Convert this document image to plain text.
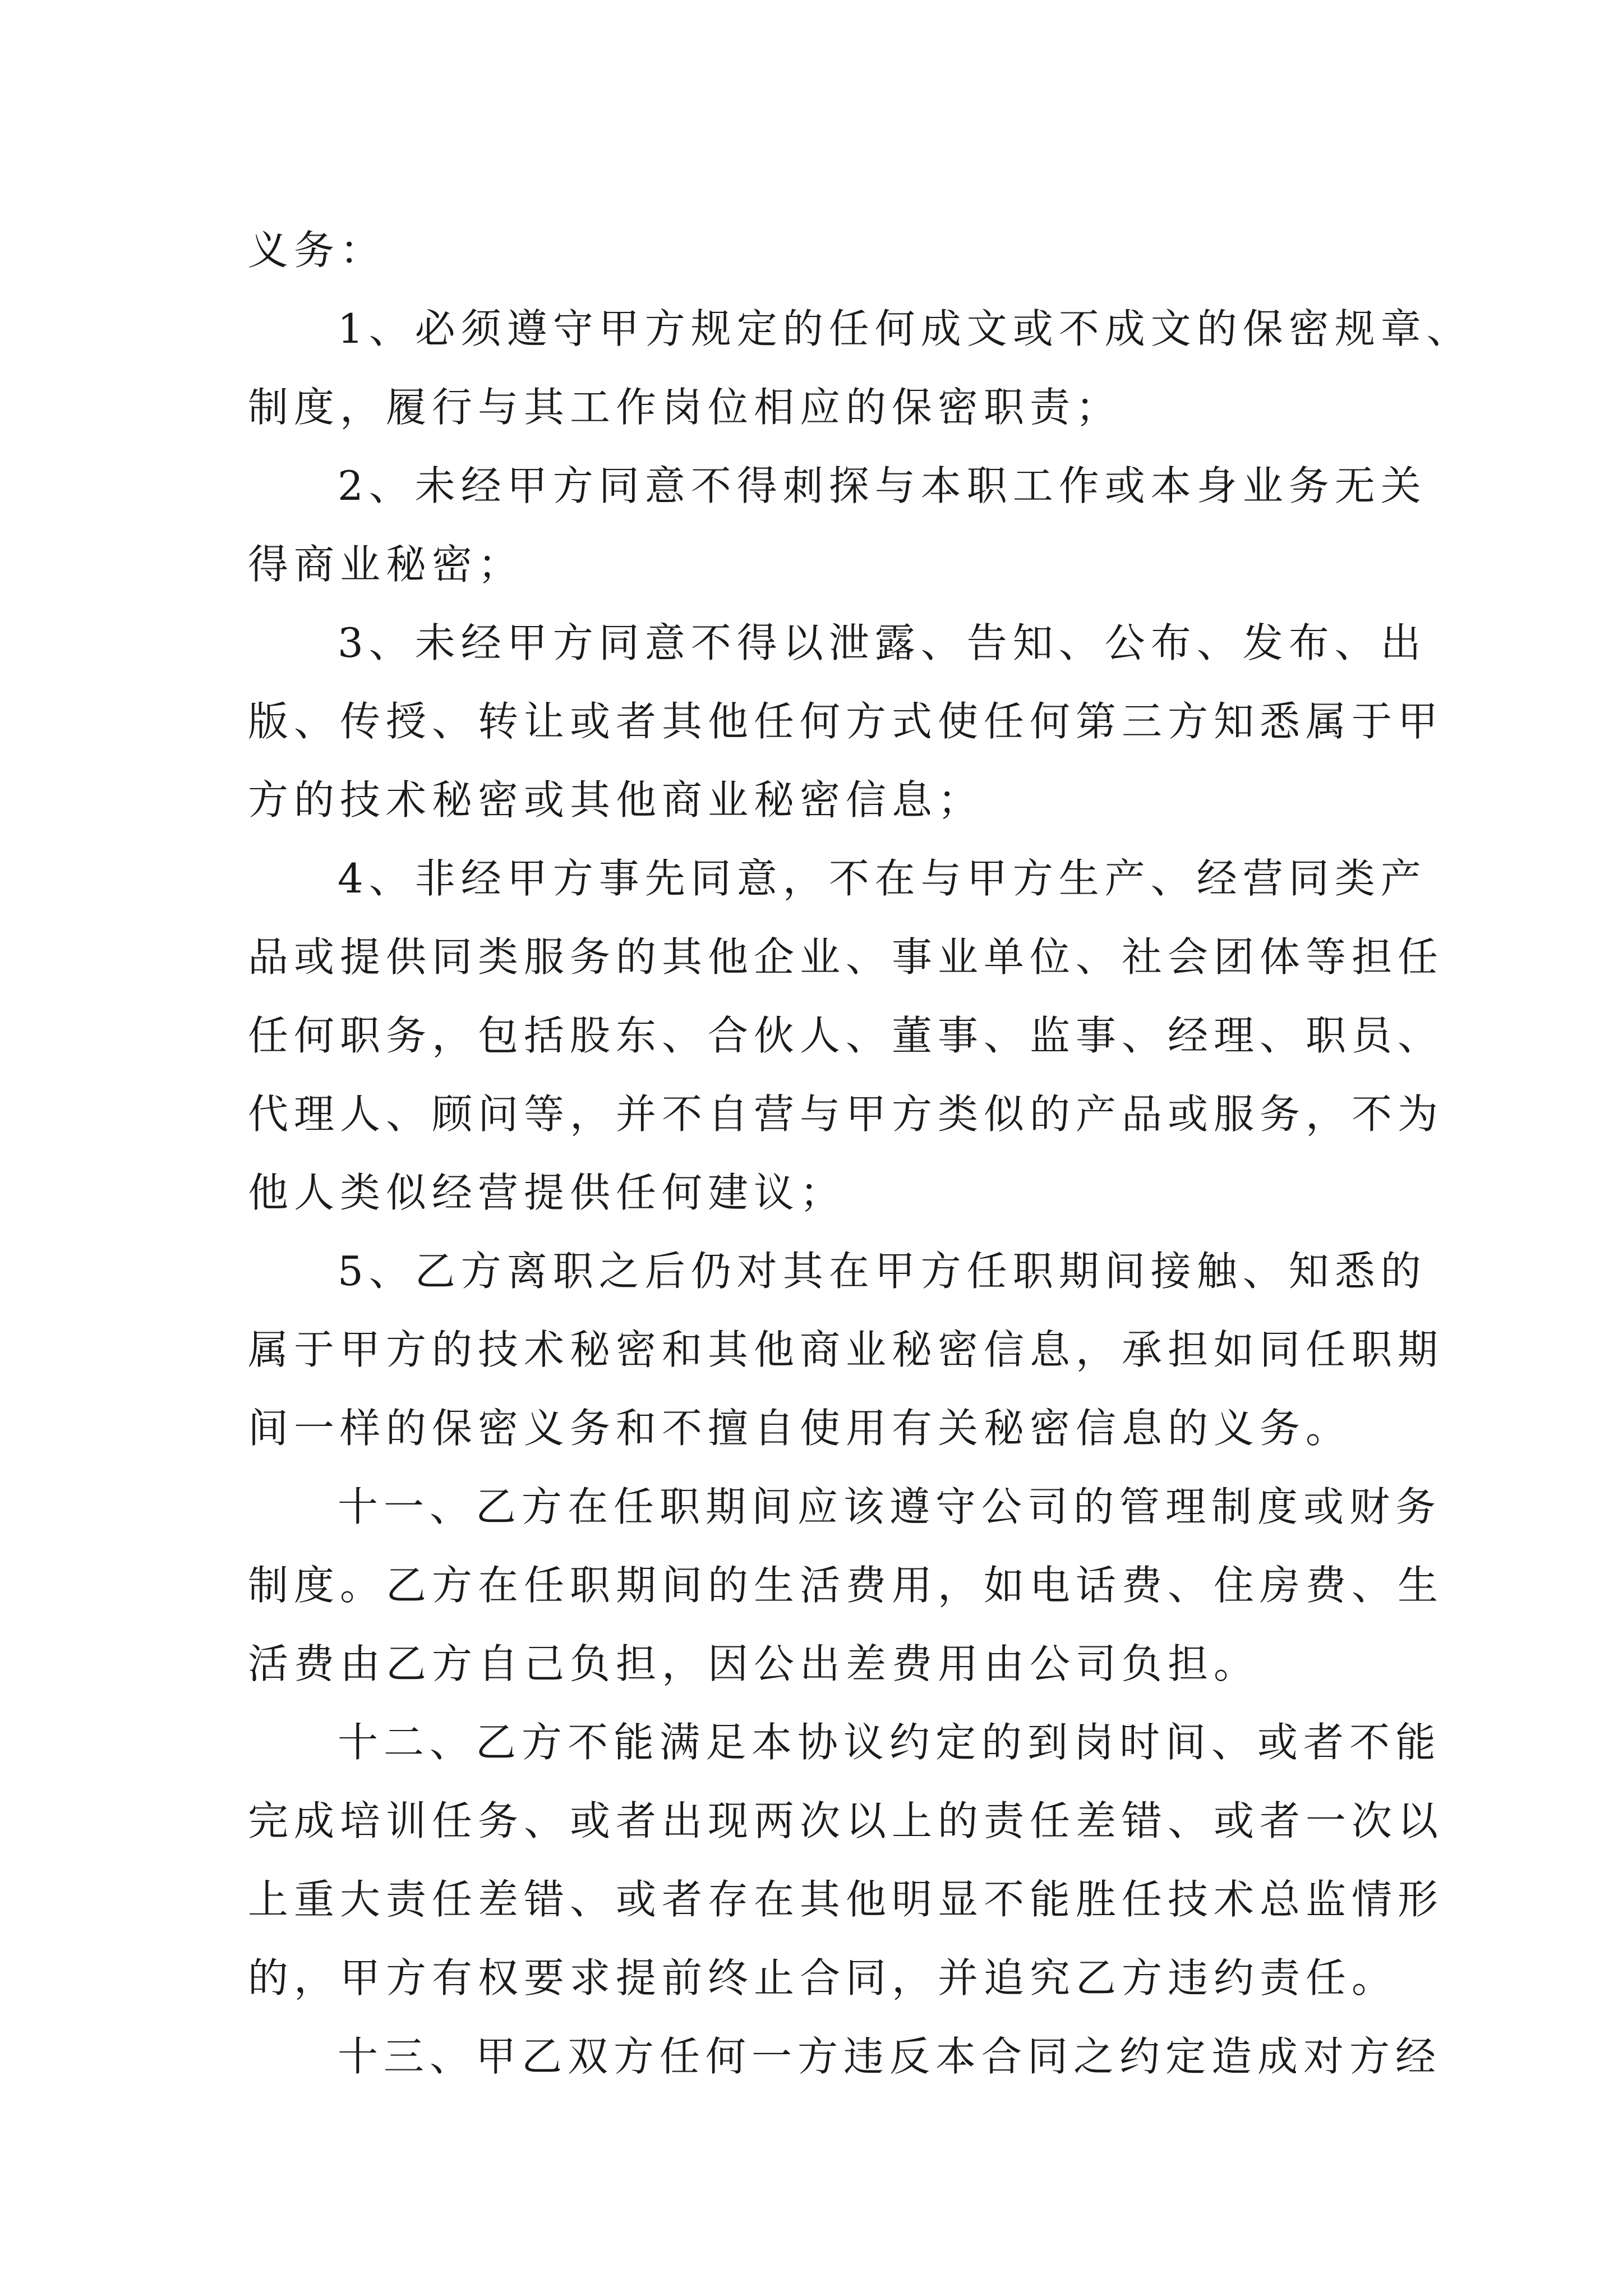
义务：
1、必须遵守甲方规定的任何成文或不成文的保密规章、
制度，履行与其工作岗位相应的保密职责；
2、未经甲方同意不得刺探与本职工作或本身业务无关
得商业秘密；
3、未经甲方同意不得以泄露、告知、公布、发布、出
版、传授、转让或者其他任何方式使任何第三方知悉属于甲
方的技术秘密或其他商业秘密信息；
4、非经甲方事先同意，不在与甲方生产、经营同类产
品或提供同类服务的其他企业、事业单位、社会团体等担任
任何职务，包括股东、合伙人、董事、监事、经理、职员、
代理人、顾问等，并不自营与甲方类似的产品或服务，不为
他人类似经营提供任何建议；
5、乙方离职之后仍对其在甲方任职期间接触、知悉的
属于甲方的技术秘密和其他商业秘密信息，承担如同任职期
间一样的保密义务和不擅自使用有关秘密信息的义务。
十一、乙方在任职期间应该遵守公司的管理制度或财务
制度。乙方在任职期间的生活费用，如电话费、住房费、生
活费由乙方自己负担，因公出差费用由公司负担。
十二、乙方不能满足本协议约定的到岗时间、或者不能
完成培训任务、或者出现两次以上的责任差错、或者一次以
上重大责任差错、或者存在其他明显不能胜任技术总监情形
的，甲方有权要求提前终止合同，并追究乙方违约责任。
十三、甲乙双方任何一方违反本合同之约定造成对方经
